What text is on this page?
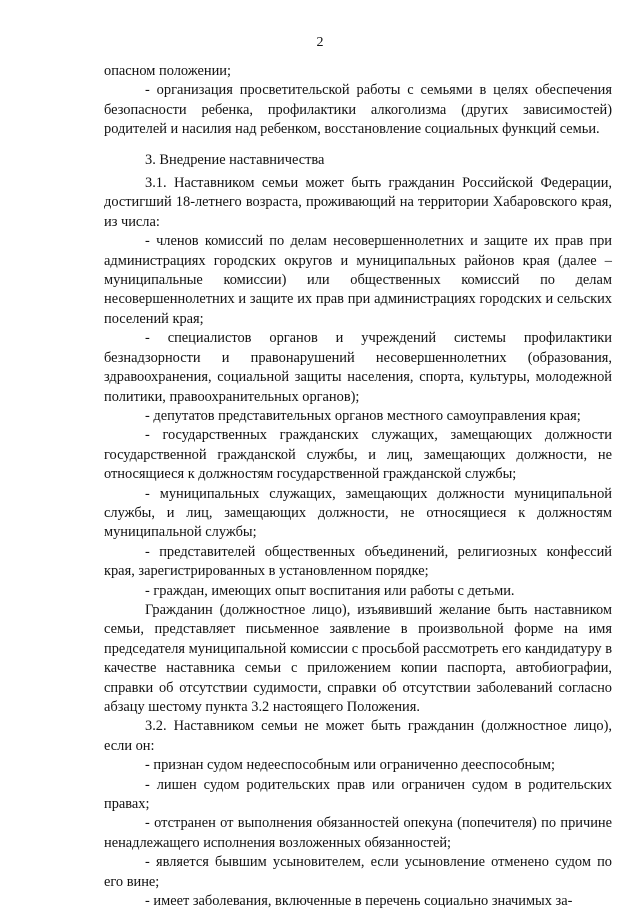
2

опасном положении;

- организация просветительской работы с семьями в целях обеспечения безопасности ребенка, профилактики алкоголизма (других зависимостей) родителей и насилия над ребенком, восстановление социальных функций семьи.

3. Внедрение наставничества

3.1. Наставником семьи может быть гражданин Российской Федерации, достигший 18-летнего возраста, проживающий на территории Хабаровского края, из числа:

- членов комиссий по делам несовершеннолетних и защите их прав при администрациях городских округов и муниципальных районов края (далее – муниципальные комиссии) или общественных комиссий по делам несовершеннолетних и защите их прав при администрациях городских и сельских поселений края;

- специалистов органов и учреждений системы профилактики безнадзорности и правонарушений несовершеннолетних (образования, здравоохранения, социальной защиты населения, спорта, культуры, молодежной политики, правоохранительных органов);

- депутатов представительных органов местного самоуправления края;

- государственных гражданских служащих, замещающих должности государственной гражданской службы, и лиц, замещающих должности, не относящиеся к должностям государственной гражданской службы;

- муниципальных служащих, замещающих должности муниципальной службы, и лиц, замещающих должности, не относящиеся к должностям муниципальной службы;

- представителей общественных объединений, религиозных конфессий края, зарегистрированных в установленном порядке;

- граждан, имеющих опыт воспитания или работы с детьми.

Гражданин (должностное лицо), изъявивший желание быть наставником семьи, представляет письменное заявление в произвольной форме на имя председателя муниципальной комиссии с просьбой рассмотреть его кандидатуру в качестве наставника семьи с приложением копии паспорта, автобиографии, справки об отсутствии судимости, справки об отсутствии заболеваний согласно абзацу шестому пункта 3.2 настоящего Положения.

3.2. Наставником семьи не может быть гражданин (должностное лицо), если он:

- признан судом недееспособным или ограниченно дееспособным;

- лишен судом родительских прав или ограничен судом в родительских правах;

- отстранен от выполнения обязанностей опекуна (попечителя) по причине ненадлежащего исполнения возложенных обязанностей;

- является бывшим усыновителем, если усыновление отменено судом по его вине;

- имеет заболевания, включенные в перечень социально значимых за-
